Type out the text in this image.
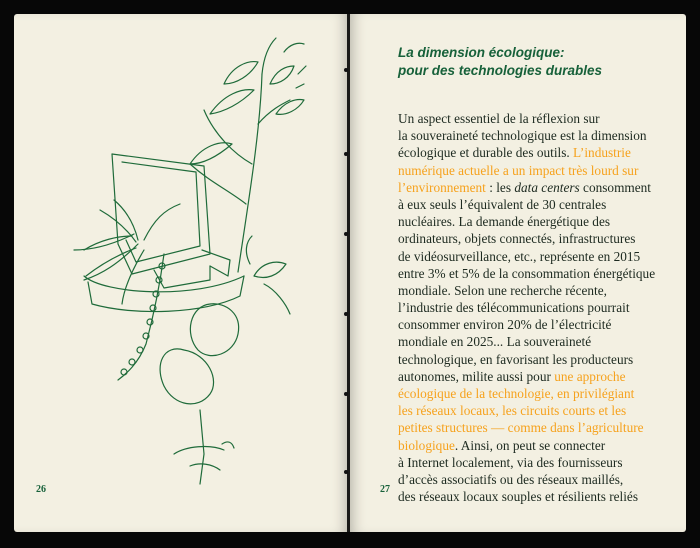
26
La dimension écologique:
pour des technologies durables
Un aspect essentiel de la réflexion sur
la souveraineté technologique est la dimension
écologique et durable des outils. L’industrie
numérique actuelle a un impact très lourd sur
l’environnement : les data centers consomment
à eux seuls l’équivalent de 30 centrales
nucléaires. La demande énergétique des
ordinateurs, objets connectés, infrastructures
de vidéosurveillance, etc., représente en 2015
entre 3% et 5% de la consommation énergétique
mondiale. Selon une recherche récente,
l’industrie des télécommunications pourrait
consommer environ 20% de l’électricité
mondiale en 2025... La souveraineté
technologique, en favorisant les producteurs
autonomes, milite aussi pour une approche
écologique de la technologie, en privilégiant
les réseaux locaux, les circuits courts et les
petites structures — comme dans l’agriculture
biologique. Ainsi, on peut se connecter
à Internet localement, via des fournisseurs
d’accès associatifs ou des réseaux maillés,
des réseaux locaux souples et résilients reliés
27
